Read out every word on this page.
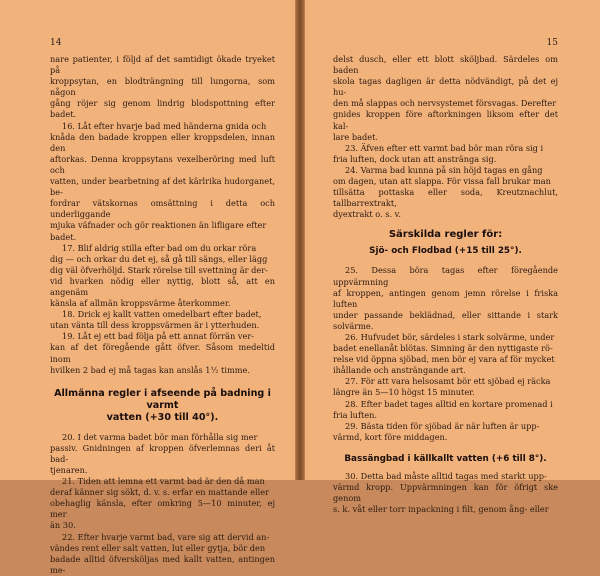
14

nare patienter, i följd af det samtidigt ökade tryeket på

kroppsytan, en blodträngning till lungorna, som någon

gång röjer sig genom lindrig blodspottning efter badet.

16. Låt efter hvarje bad med händerna gnida och

knåda den badade kroppen eller kroppsdelen, innan den

aftorkas. Denna kroppsytans vexelberöring med luft och

vatten, under bearbetning af det kärlrika hudorganet, be-

fordrar vätskornas omsättning i detta och underliggande

mjuka väfnader och gör reaktionen än lifligare efter

badet.

17. Blif aldrig stilla efter bad om du orkar röra

dig — och orkar du det ej, så gå till sängs, eller lägg

dig väl öfverhöljd. Stark rörelse till svettning är der-

vid hvarken nödig eller nyttig, blott så, att en angenäm

känsla af allmän kroppsvärme återkommer.

18. Drick ej kallt vatten omedelbart efter badet,

utan vänta till dess kroppsvärmen är i ytterhuden.

19. Låt ej ett bad följa på ett annat förrän ver-

kan af det föregående gått öfver. Såsom medeltid inom

hvilken 2 bad ej må tagas kan anslås 1½ timme.

Allmänna regler i afseende på badning i varmt
vatten (+30 till 40°).

20. I det varma badet bör man förhålla sig mer

passiv. Gnidningen af kroppen öfverlemnas deri åt bad-

tjenaren.

21. Tiden att lemna ett varmt bad är den då man

deraf känner sig sökt, d. v. s. erfar en mattande eller

obehaglig känsla, efter omkring 5—10 minuter, ej mer

än 30.

22. Efter hvarje varmt bad, vare sig att dervid an-

vändes rent eller salt vatten, lut eller gytja, bör den

badade alltid öfversköljas med kallt vatten, antingen me-

15

delst dusch, eller ett blott sköljbad. Särdeles om baden

skola tagas dagligen är detta nödvändigt, på det ej hu-

den må slappas och nervsystemet försvagas. Derefter

gnides kroppen före aftorkningen liksom efter det kal-

lare badet.

23. Äfven efter ett varmt bad bör man röra sig i

fria luften, dock utan att anstränga sig.

24. Varma bad kunna på sin höjd tagas en gång

om dagen, utan att slappa. För vissa fall brukar man

tillsätta pottaska eller soda, Kreutznachlut, tallbarrextrakt,

dyextrakt o. s. v.

Särskilda regler för:
Sjö- och Flodbad (+15 till 25°).

25. Dessa böra tagas efter föregående uppvärmning

af kroppen, antingen genom jemn rörelse i friska luften

under passande beklädnad, eller sittande i stark solvärme.

26. Hufvudet bör, särdeles i stark solvärme, under

badet enellanåt blötas. Simning är den nyttigaste rö-

relse vid öppna sjöbad, men bör ej vara af för mycket

ihållande och ansträngande art.

27. För att vara helsosamt bör ett sjöbad ej räcka

längre än 5—10 högst 15 minuter.

28. Efter badet tages alltid en kortare promenad i

fria luften.

29. Bästa tiden för sjöbad är när luften är upp-

värmd, kort före middagen.

Bassängbad i källkallt vatten (+6 till 8°).

30. Detta bad måste alltid tagas med starkt upp-

värmd kropp. Uppvärmningen kan för öfrigt ske genom

s. k. våt eller torr inpackning i filt, genom ång- eller
